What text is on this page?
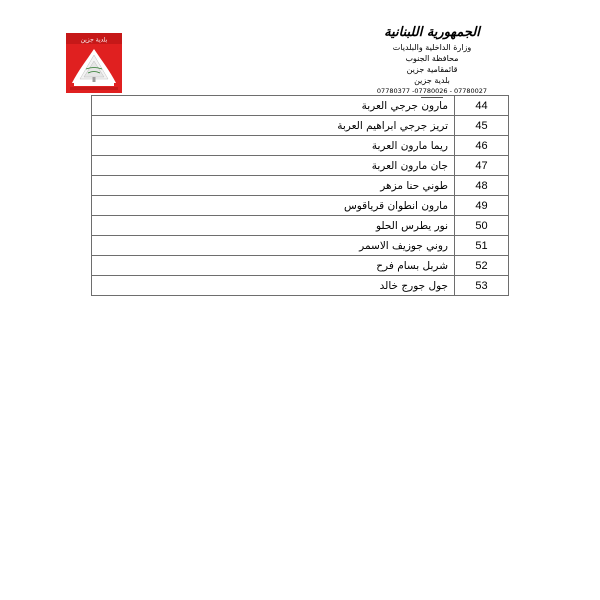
بلدية جزين	الجمهورية اللبنانية
وزارة الداخلية والبلديات
محافظة الجنوب
قائمقامية جزين
بلدية جزين
07780377 -07780026 - 07780027
44	مارون جرجي العربة
45	تريز جرجي ابراهيم العربة
46	ريما مارون العربة
47	جان مارون العربة
48	طوني حنا مزهر
49	مارون انطوان قرياقوس
50	نور يطرس الحلو
51	روني جوزيف الاسمر
52	شربل بسام فرح
53	جول جورج خالد
